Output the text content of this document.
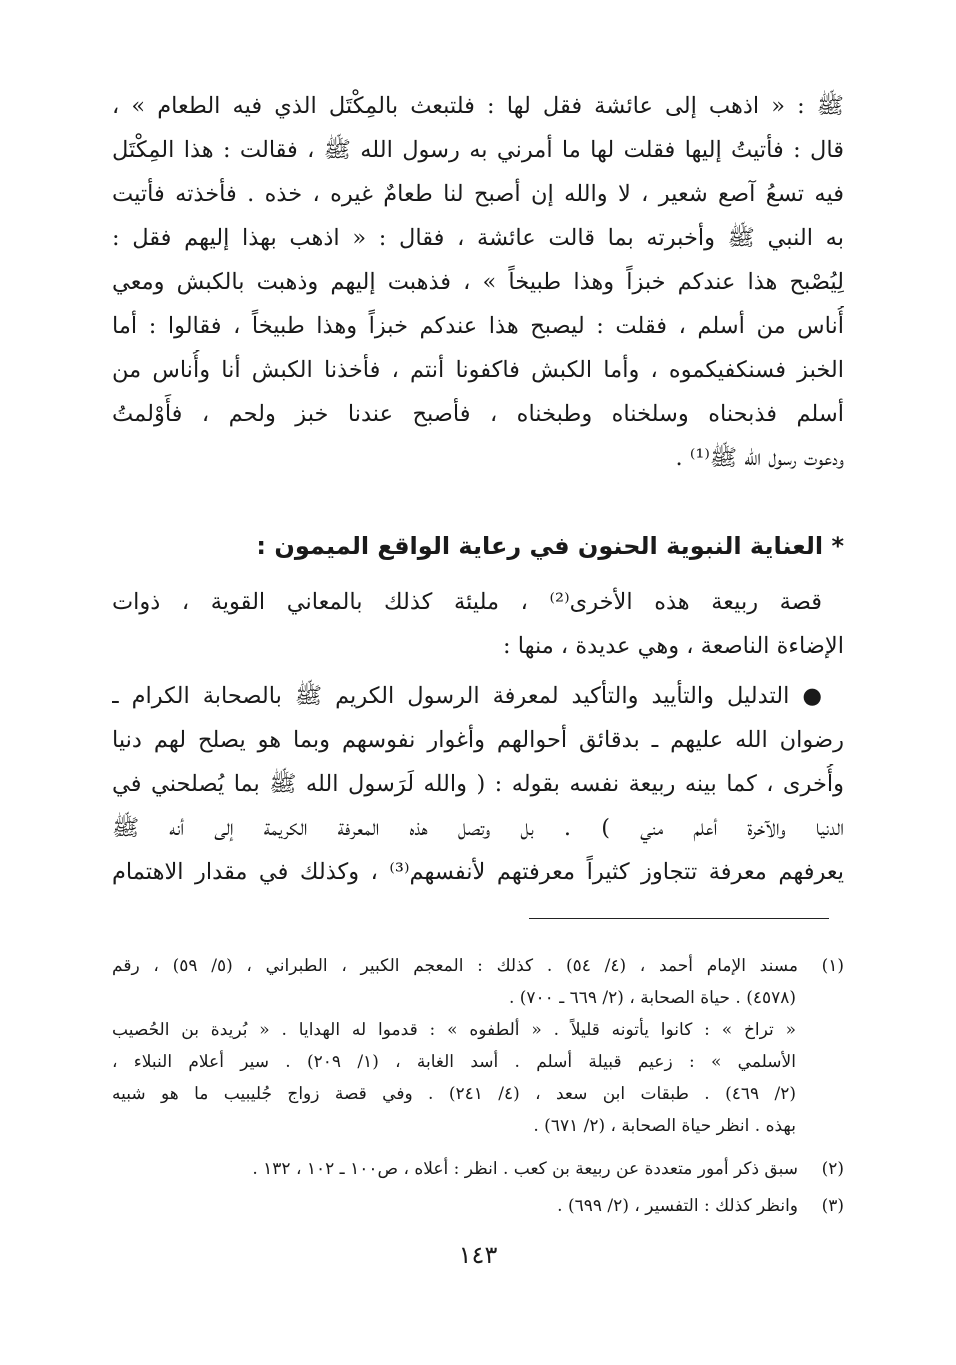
ﷺ : « اذهب إلى عائشة فقل لها : فلتبعث بالمِكْتَل الذي فيه الطعام » ،
قال : فأتيتُ إليها فقلت لها ما أمرني به رسول الله ﷺ ، فقالت : هذا المِكْتَل
فيه تسعُ آصع شعير ، لا والله إن أصبح لنا طعامٌ غيره ، خذه . فأخذته فأتيت
به النبي ﷺ وأخبرته بما قالت عائشة ، فقال : « اذهب بهذا إليهم فقل :
لِيُصْبح هذا عندكم خبزاً وهذا طبيخاً » ، فذهبت إليهم وذهبت بالكبش ومعي
أُناس من أسلم ، فقلت : ليصبح هذا عندكم خبزاً وهذا طبيخاً ، فقالوا : أما
الخبز فسنكفيكموه ، وأما الكبش فاكفونا أنتم ، فأخذنا الكبش أنا وأُناس من
أسلم فذبحناه وسلخناه وطبخناه ، فأصبح عندنا خبز ولحم ، فأَوْلمتُ
ودعوت رسول الله ﷺ⁽¹⁾ .
* العناية النبوية الحنون في رعاية الواقع الميمون :
قصة ربيعة هذه الأخرى⁽²⁾ ، مليئة كذلك بالمعاني القوية ، ذوات
الإضاءة الناصعة ، وهي عديدة ، منها :
● التدليل والتأييد والتأكيد لمعرفة الرسول الكريم ﷺ بالصحابة الكرام ـ
رضوان الله عليهم ـ بدقائق أحوالهم وأغوار نفوسهم وبما هو يصلح لهم دنيا
وأُخرى ، كما بينه ربيعة نفسه بقوله : ( والله لَرَسول الله ﷺ بما يُصلحني في
الدنيا والآخرة أعلم مني ) . بل وتصل هذه المعرفة الكريمة إلى أنه ﷺ
يعرفهم معرفة تتجاوز كثيراً معرفتهم لأنفسهم⁽³⁾ ، وكذلك في مقدار الاهتمام
(١)مسند الإمام أحمد ، (٤/ ٥٤) . كذلك : المعجم الكبير ، الطبراني ، (٥/ ٥٩) ، رقم
(٤٥٧٨) . حياة الصحابة ، (٢/ ٦٦٩ ـ ٧٠٠) .
« تراخ » : كانوا يأتونه قليلاً . « ألطفوه » : قدموا له الهدايا . « بُريدة بن الحُصيب
الأسلمي » : زعيم قبيلة أسلم . أسد الغابة ، (١/ ٢٠٩) . سير أعلام النبلاء ،
(٢/ ٤٦٩) . طبقات ابن سعد ، (٤/ ٢٤١) . وفي قصة زواج جُليبيب ما هو شبيه
بهذه . انظر حياة الصحابة ، (٢/ ٦٧١) .
(٢)سبق ذكر أمور متعددة عن ربيعة بن كعب . انظر : أعلاه ، ص١٠٠ ـ ١٠٢ ، ١٣٢ .
(٣)وانظر كذلك : التفسير ، (٢/ ٦٩٩) .
١٤٣
